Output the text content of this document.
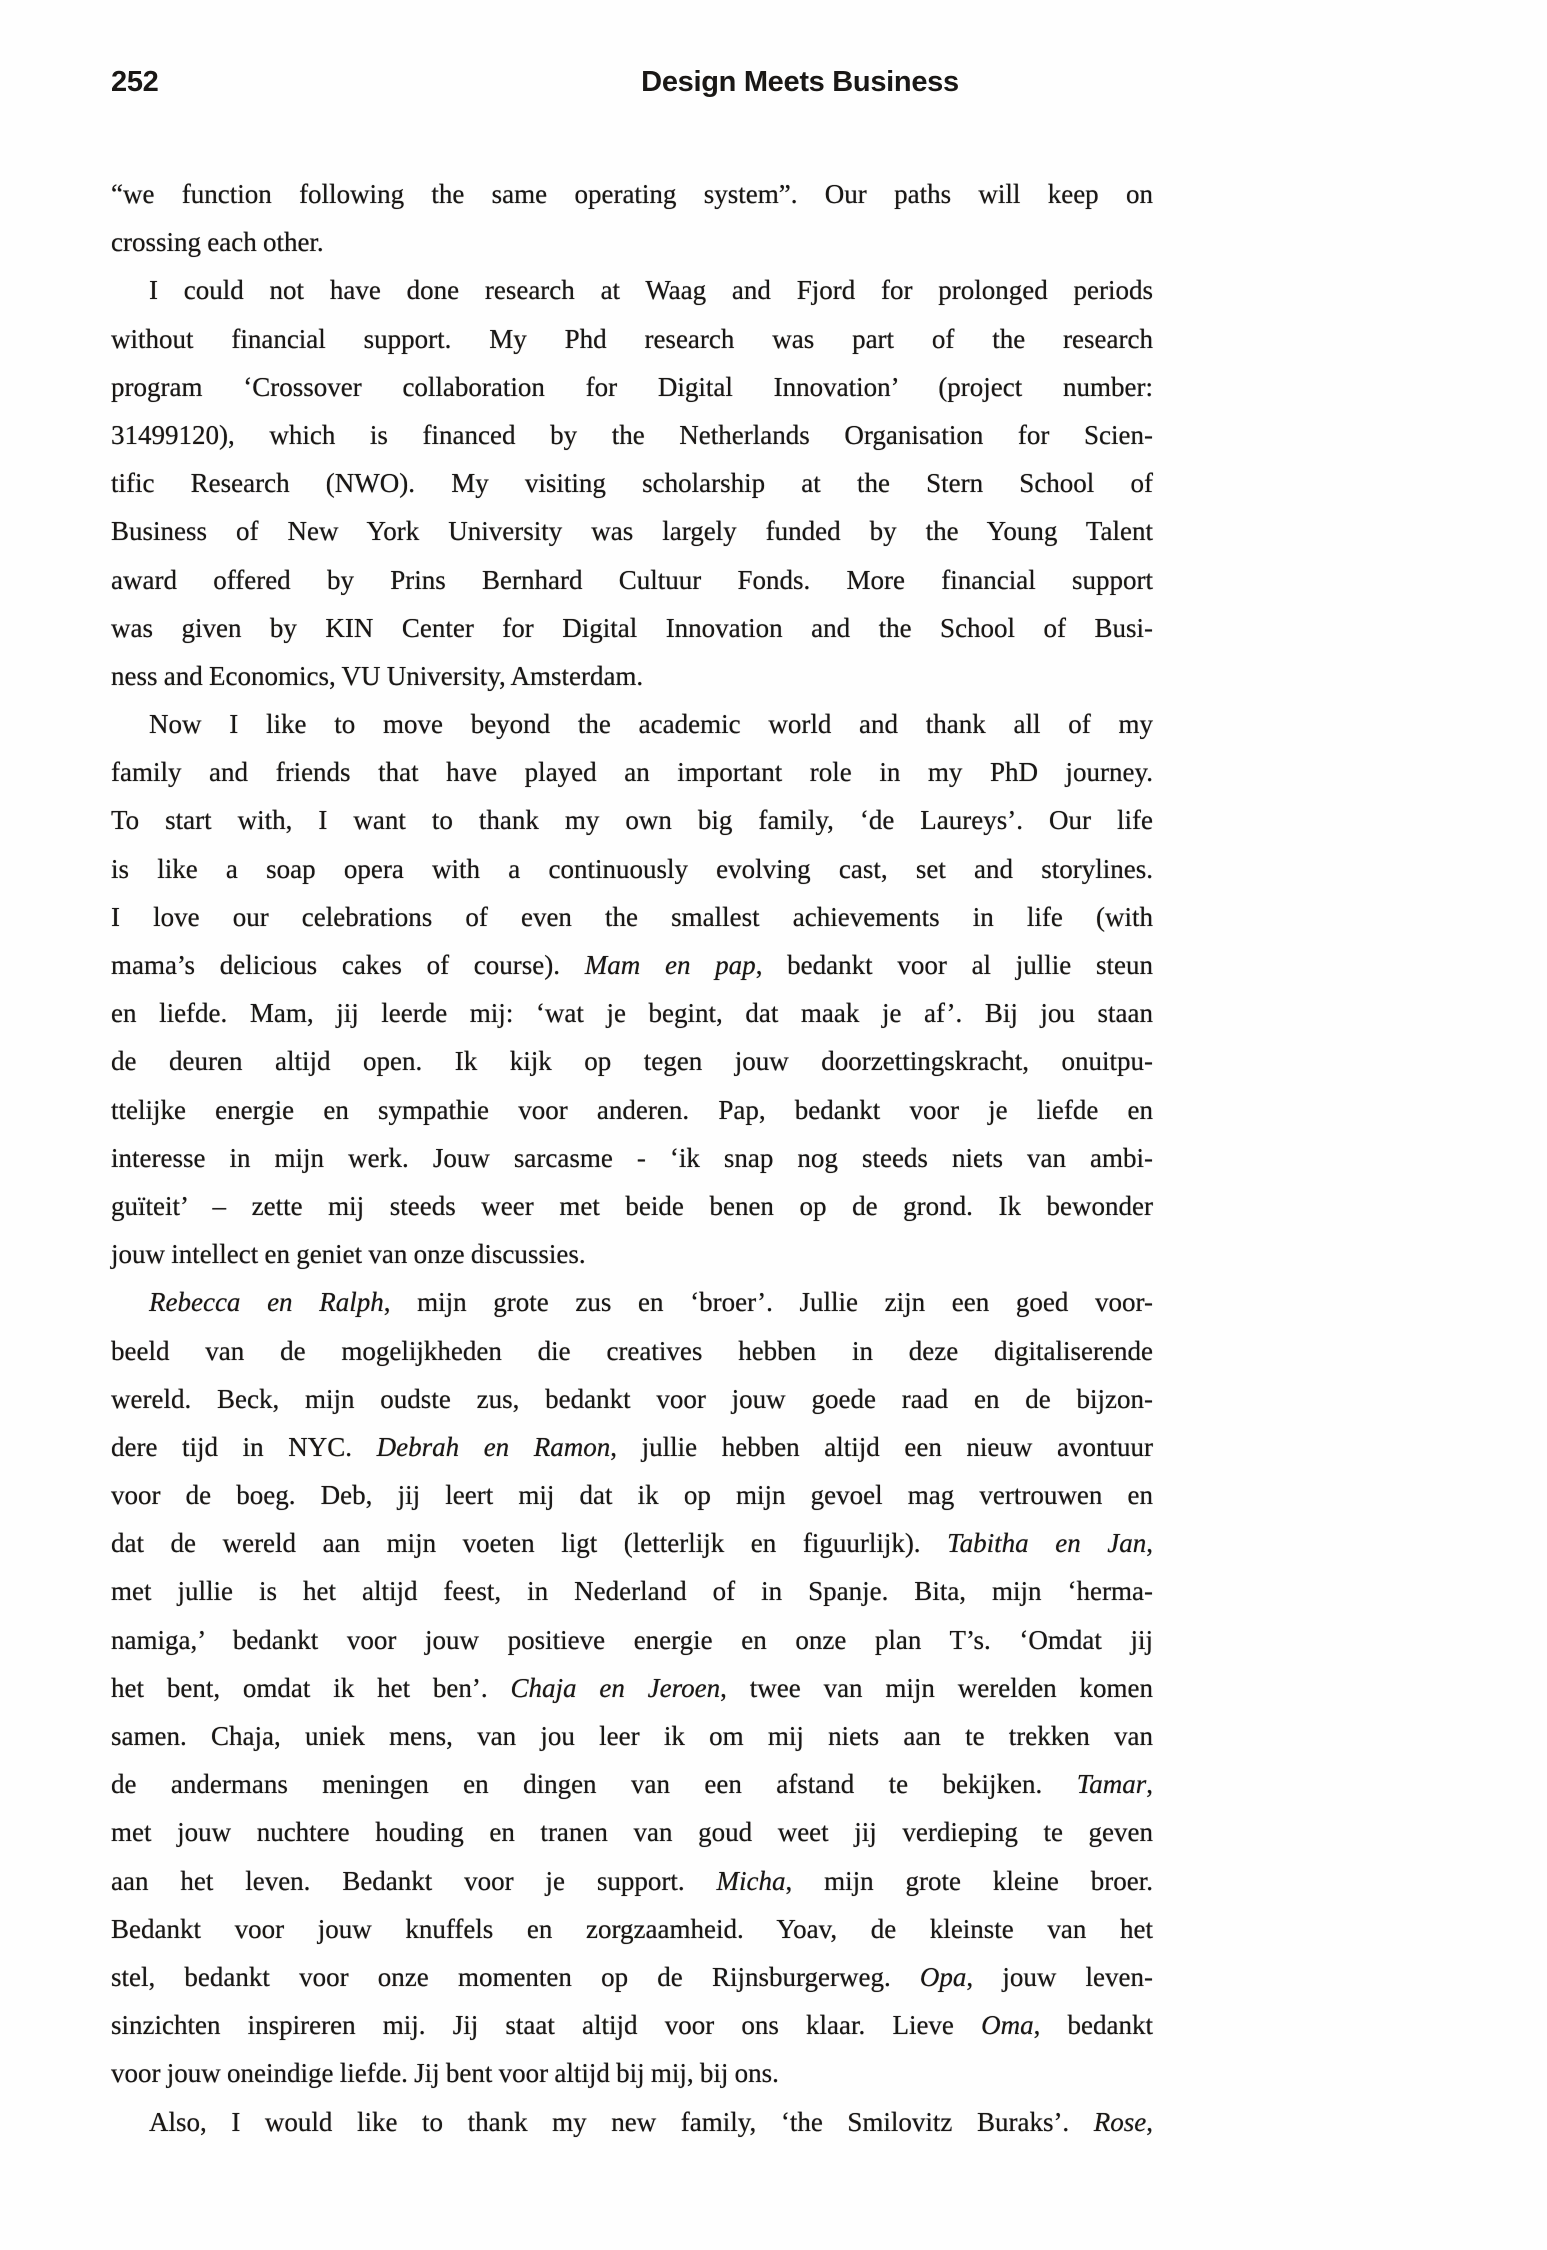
252	Design Meets Business
“we function following the same operating system”. Our paths will keep on
crossing each other.
I could not have done research at Waag and Fjord for prolonged periods
without financial support. My Phd research was part of the research
program ‘Crossover collaboration for Digital Innovation’ (project number:
31499120), which is financed by the Netherlands Organisation for Scien-
tific Research (NWO). My visiting scholarship at the Stern School of
Business of New York University was largely funded by the Young Talent
award offered by Prins Bernhard Cultuur Fonds. More financial support
was given by KIN Center for Digital Innovation and the School of Busi-
ness and Economics, VU University, Amsterdam.
Now I like to move beyond the academic world and thank all of my
family and friends that have played an important role in my PhD journey.
To start with, I want to thank my own big family, ‘de Laureys’. Our life
is like a soap opera with a continuously evolving cast, set and storylines.
I love our celebrations of even the smallest achievements in life (with
mama’s delicious cakes of course). Mam en pap, bedankt voor al jullie steun
en liefde. Mam, jij leerde mij: ‘wat je begint, dat maak je af’. Bij jou staan
de deuren altijd open. Ik kijk op tegen jouw doorzettingskracht, onuitpu-
ttelijke energie en sympathie voor anderen. Pap, bedankt voor je liefde en
interesse in mijn werk. Jouw sarcasme - ‘ik snap nog steeds niets van ambi-
guïteit’ – zette mij steeds weer met beide benen op de grond. Ik bewonder
jouw intellect en geniet van onze discussies.
Rebecca en Ralph, mijn grote zus en ‘broer’. Jullie zijn een goed voor-
beeld van de mogelijkheden die creatives hebben in deze digitaliserende
wereld. Beck, mijn oudste zus, bedankt voor jouw goede raad en de bijzon-
dere tijd in NYC. Debrah en Ramon, jullie hebben altijd een nieuw avontuur
voor de boeg. Deb, jij leert mij dat ik op mijn gevoel mag vertrouwen en
dat de wereld aan mijn voeten ligt (letterlijk en figuurlijk). Tabitha en Jan,
met jullie is het altijd feest, in Nederland of in Spanje. Bita, mijn ‘herma-
namiga,’ bedankt voor jouw positieve energie en onze plan T’s. ‘Omdat jij
het bent, omdat ik het ben’. Chaja en Jeroen, twee van mijn werelden komen
samen. Chaja, uniek mens, van jou leer ik om mij niets aan te trekken van
de andermans meningen en dingen van een afstand te bekijken. Tamar,
met jouw nuchtere houding en tranen van goud weet jij verdieping te geven
aan het leven. Bedankt voor je support. Micha, mijn grote kleine broer.
Bedankt voor jouw knuffels en zorgzaamheid. Yoav, de kleinste van het
stel, bedankt voor onze momenten op de Rijnsburgerweg. Opa, jouw leven-
sinzichten inspireren mij. Jij staat altijd voor ons klaar. Lieve Oma, bedankt
voor jouw oneindige liefde. Jij bent voor altijd bij mij, bij ons.
Also, I would like to thank my new family, ‘the Smilovitz Buraks’. Rose,
